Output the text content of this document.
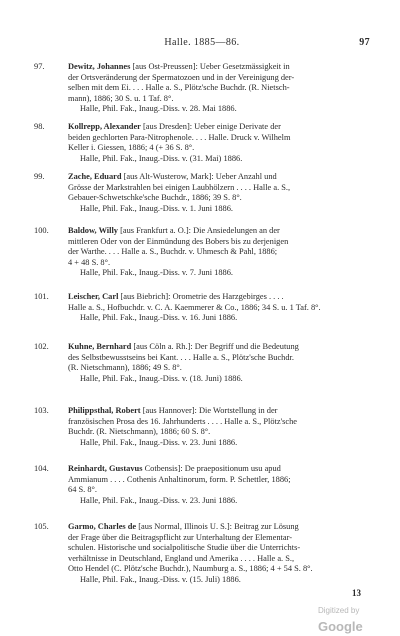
Halle. 1885—86.	97
97.	Dewitz, Johannes [aus Ost-Preussen]: Ueber Gesetzmässigkeit in
der Ortsveränderung der Spermatozoen und in der Vereinigung der-
selben mit dem Ei. . . . Halle a. S., Plötz'sche Buchdr. (R. Nietsch-
mann), 1886; 30 S. u. 1 Taf. 8°.
Halle, Phil. Fak., Inaug.-Diss. v. 28. Mai 1886.
98.	Kollrepp, Alexander [aus Dresden]: Ueber einige Derivate der
beiden gechlorten Para-Nitrophenole. . . . Halle. Druck v. Wilhelm
Keller i. Giessen, 1886; 4 (+ 36 S. 8°.
Halle, Phil. Fak., Inaug.-Diss. v. (31. Mai) 1886.
99.	Zache, Eduard [aus Alt-Wusterow, Mark]: Ueber Anzahl und
Grösse der Markstrahlen bei einigen Laubhölzern . . . . Halle a. S.,
Gebauer-Schwetschke'sche Buchdr., 1886; 39 S. 8°.
Halle, Phil. Fak., Inaug.-Diss. v. 1. Juni 1886.
100.	Baldow, Willy [aus Frankfurt a. O.]: Die Ansiedelungen an der
mittleren Oder von der Einmündung des Bobers bis zu derjenigen
der Warthe. . . . Halle a. S., Buchdr. v. Uhmesch & Pahl, 1886;
4 + 48 S. 8°.
Halle, Phil. Fak., Inaug.-Diss. v. 7. Juni 1886.
101.	Leischer, Carl [aus Biebrich]: Orometrie des Harzgebirges . . . .
Halle a. S., Hofbuchdr. v. C. A. Kaemmerer & Co., 1886; 34 S. u. 1 Taf. 8°.
Halle, Phil. Fak., Inaug.-Diss. v. 16. Juni 1886.
102.	Kuhne, Bernhard [aus Cöln a. Rh.]: Der Begriff und die Bedeutung
des Selbstbewusstseins bei Kant. . . . Halle a. S., Plötz'sche Buchdr.
(R. Nietschmann), 1886; 49 S. 8°.
Halle, Phil. Fak., Inaug.-Diss. v. (18. Juni) 1886.
103.	Philippsthal, Robert [aus Hannover]: Die Wortstellung in der
französischen Prosa des 16. Jahrhunderts . . . . Halle a. S., Plötz'sche
Buchdr. (R. Nietschmann), 1886; 60 S. 8°.
Halle, Phil. Fak., Inaug.-Diss. v. 23. Juni 1886.
104.	Reinhardt, Gustavus Cotbensis]: De praepositionum usu apud
Ammianum . . . . Cothenis Anhaltinorum, form. P. Schettler, 1886;
64 S. 8°.
Halle, Phil. Fak., Inaug.-Diss. v. 23. Juni 1886.
105.	Garmo, Charles de [aus Normal, Illinois U. S.]: Beitrag zur Lösung
der Frage über die Beitragspflicht zur Unterhaltung der Elementar-
schulen. Historische und socialpolitische Studie über die Unterrichts-
verhältnisse in Deutschland, England und Amerika . . . . Halle a. S.,
Otto Hendel (C. Plötz'sche Buchdr.), Naumburg a. S., 1886; 4 + 54 S. 8°.
Halle, Phil. Fak., Inaug.-Diss. v. (15. Juli) 1886.
13
Digitized by Google
